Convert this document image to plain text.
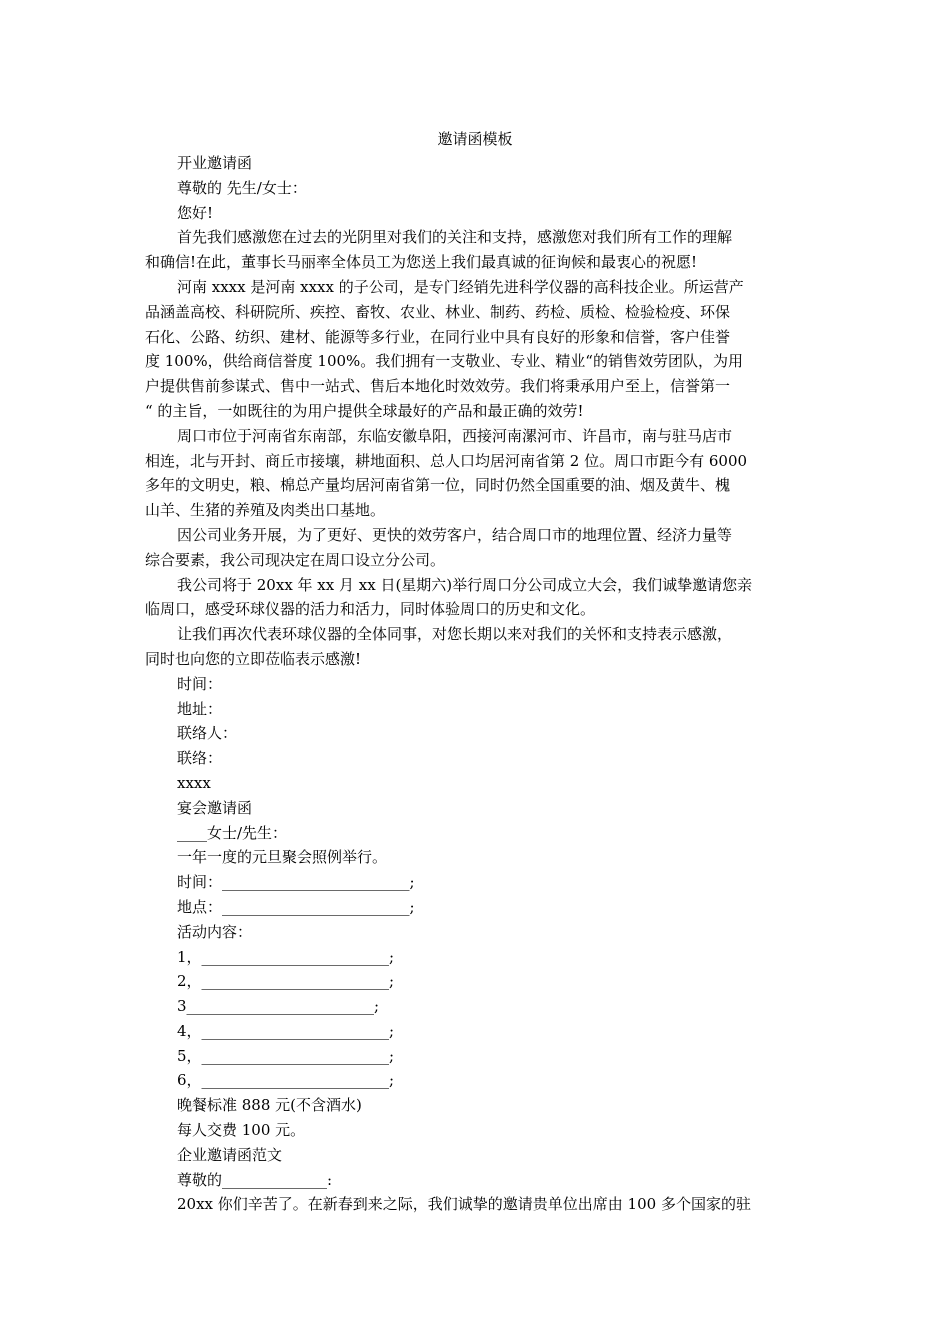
邀请函模板

开业邀请函

尊敬的 先生/女士：

您好!

首先我们感激您在过去的光阴里对我们的关注和支持，感激您对我们所有工作的理解
和确信!在此，董事长马丽率全体员工为您送上我们最真诚的征询候和最衷心的祝愿!

河南 xxxx 是河南 xxxx 的子公司，是专门经销先进科学仪器的高科技企业。所运营产
品涵盖高校、科研院所、疾控、畜牧、农业、林业、制药、药检、质检、检验检疫、环保
石化、公路、纺织、建材、能源等多行业，在同行业中具有良好的形象和信誉，客户佳誉
度 100%，供给商信誉度 100%。我们拥有一支敬业、专业、精业“的销售效劳团队，为用
户提供售前参谋式、售中一站式、售后本地化时效效劳。我们将秉承用户至上，信誉第一
“ 的主旨，一如既往的为用户提供全球最好的产品和最正确的效劳!

周口市位于河南省东南部，东临安徽阜阳，西接河南漯河市、许昌市，南与驻马店市
相连，北与开封、商丘市接壤，耕地面积、总人口均居河南省第 2 位。周口市距今有 6000
多年的文明史，粮、棉总产量均居河南省第一位，同时仍然全国重要的油、烟及黄牛、槐
山羊、生猪的养殖及肉类出口基地。

因公司业务开展，为了更好、更快的效劳客户，结合周口市的地理位置、经济力量等
综合要素，我公司现决定在周口设立分公司。

我公司将于 20xx 年 xx 月 xx 日(星期六)举行周口分公司成立大会，我们诚挚邀请您亲
临周口，感受环球仪器的活力和活力，同时体验周口的历史和文化。

让我们再次代表环球仪器的全体同事，对您长期以来对我们的关怀和支持表示感激，
同时也向您的立即莅临表示感激!

时间：

地址：

联络人：

联络：

xxxx

宴会邀请函

____女士/先生：

一年一度的元旦聚会照例举行。

时间：_________________________;

地点：_________________________;

活动内容：

1，_________________________;

2，_________________________;

3_________________________;

4，_________________________;

5，_________________________;

6，_________________________;

晚餐标准 888 元(不含酒水)

每人交费 100 元。

企业邀请函范文

尊敬的______________:

20xx 你们辛苦了。在新春到来之际，我们诚挚的邀请贵单位出席由 100 多个国家的驻
